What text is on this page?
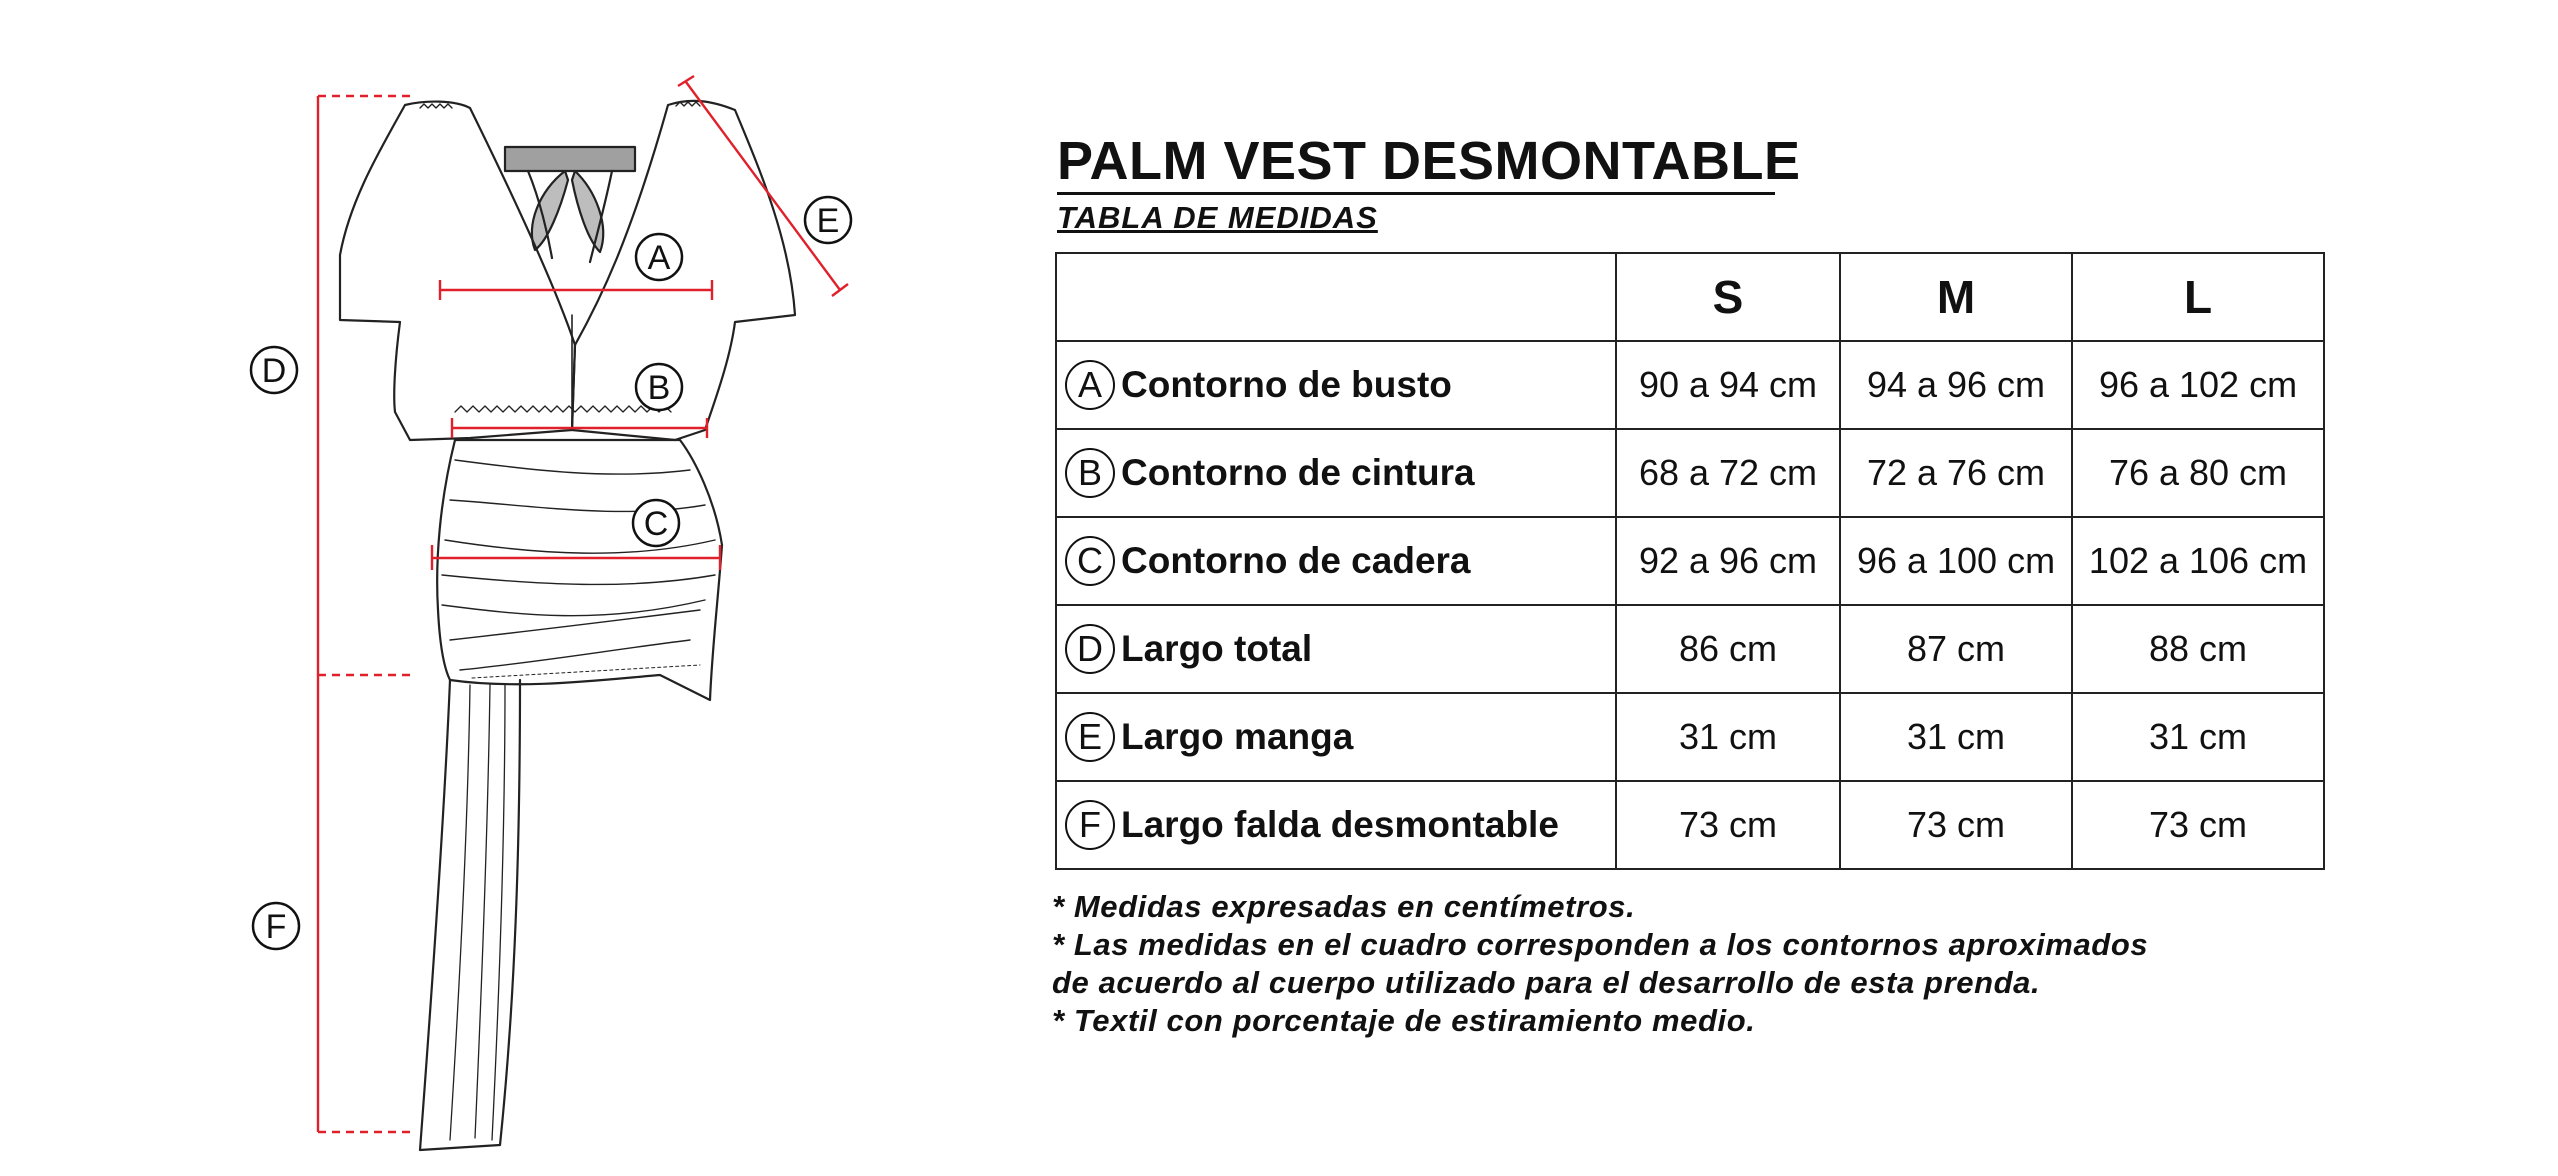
A
B
C
D
E
F
PALM VEST DESMONTABLE
TABLA DE MEDIDAS
	S	M	L
A Contorno de busto	90 a 94 cm	94 a 96 cm	96 a 102 cm
B Contorno de cintura	68 a 72 cm	72 a 76 cm	76 a 80 cm
C Contorno de cadera	92 a 96 cm	96 a 100 cm	102 a 106 cm
D Largo total	86 cm	87 cm	88 cm
E Largo manga	31 cm	31 cm	31 cm
F Largo falda desmontable	73 cm	73 cm	73 cm

* Medidas expresadas en centímetros.

* Las medidas en el cuadro corresponden a los contornos aproximados de acuerdo al cuerpo utilizado para el desarrollo de esta prenda.

* Textil con porcentaje de estiramiento medio.
